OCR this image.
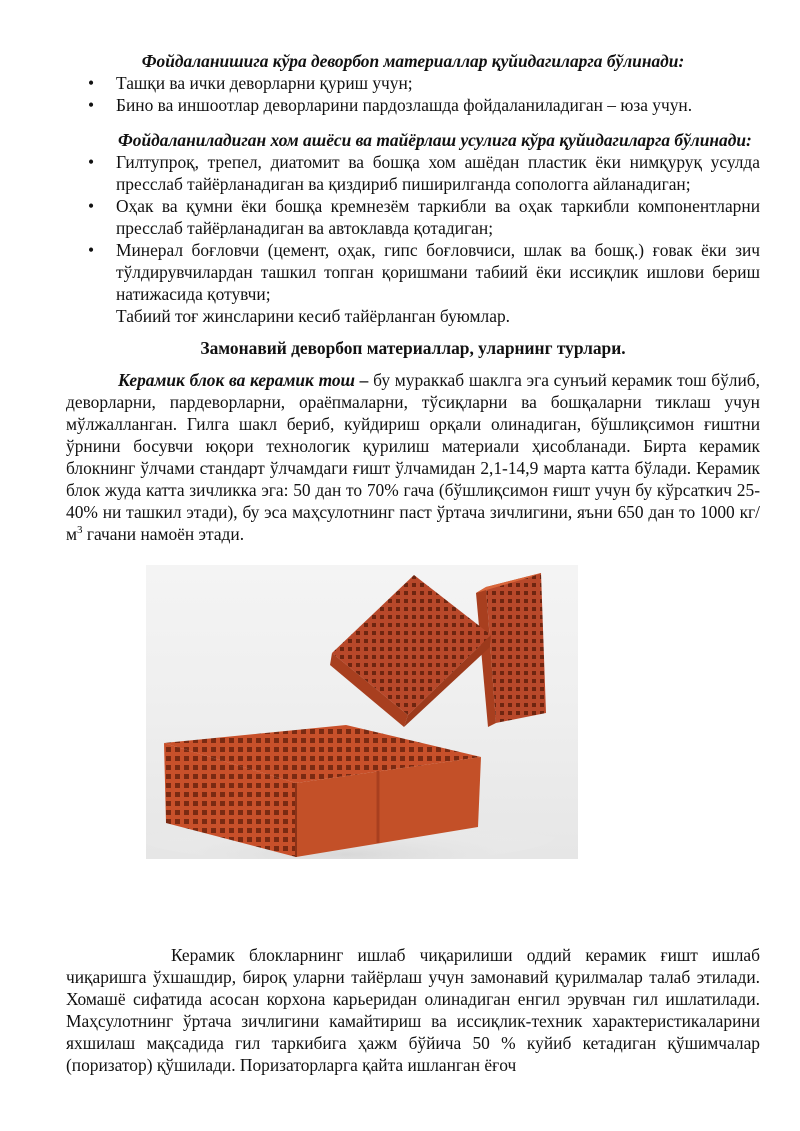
Фойдаланишига кўра деворбоп материаллар қуйидагиларга бўлинади:

• Ташқи ва ички деворларни қуриш учун;
• Бино ва иншоотлар деворларини пардозлашда фойдаланиладиган – юза учун.

Фойдаланиладиган хом ашёси ва тайёрлаш усулига кўра қуйидагиларга бўлинади:

• Гилтупроқ, трепел, диатомит ва бошқа хом ашёдан пластик ёки нимқуруқ усулда пресслаб тайёрланадиган ва қиздириб пиширилганда сопологга айланадиган;
• Оҳак ва қумни ёки бошқа кремнезём таркибли ва оҳак таркибли компонентларни пресслаб тайёрланадиган ва автоклавда қотадиган;
• Минерал боғловчи (цемент, оҳак, гипс боғловчиси, шлак ва бошқ.) ғовак ёки зич тўлдирувчилардан ташкил топган қоришмани табиий ёки иссиқлик ишлови бериш натижасида қотувчи;

Табиий тоғ жинсларини кесиб тайёрланган буюмлар.

Замонавий деворбоп материаллар, уларнинг турлари.

Керамик блок ва керамик тош – бу мураккаб шаклга эга сунъий керамик тош бўлиб, деворларни, пардеворларни, ораёпмаларни, тўсиқларни ва бошқаларни тиклаш учун мўлжалланган. Гилга шакл бериб, куйдириш орқали олинадиган, бўшлиқсимон ғиштни ўрнини босувчи юқори технологик қурилиш материали ҳисобланади. Бирта керамик блокнинг ўлчами стандарт ўлчамдаги ғишт ўлчамидан 2,1-14,9 марта катта бўлади. Керамик блок жуда катта зичликка эга: 50 дан то 70% гача (бўшлиқсимон ғишт учун бу кўрсаткич 25-40% ни ташкил этади), бу эса маҳсулотнинг паст ўртача зичлигини, яъни 650 дан то 1000 $кг/м^3$ гачани намоён этади.

Керамик блокларнинг ишлаб чиқарилиши оддий керамик ғишт ишлаб чиқаришга ўхшашдир, бироқ уларни тайёрлаш учун замонавий қурилмалар талаб этилади. Хомашё сифатида асосан корхона карьеридан олинадиган енгил эрувчан гил ишлатилади. Маҳсулотнинг ўртача зичлигини камайтириш ва иссиқлик-техник характеристикаларини яхшилаш мақсадида гил таркибига ҳажм бўйича 50 % куйиб кетадиган қўшимчалар (поризатор) қўшилади. Поризаторларга қайта ишланган ёғоч
